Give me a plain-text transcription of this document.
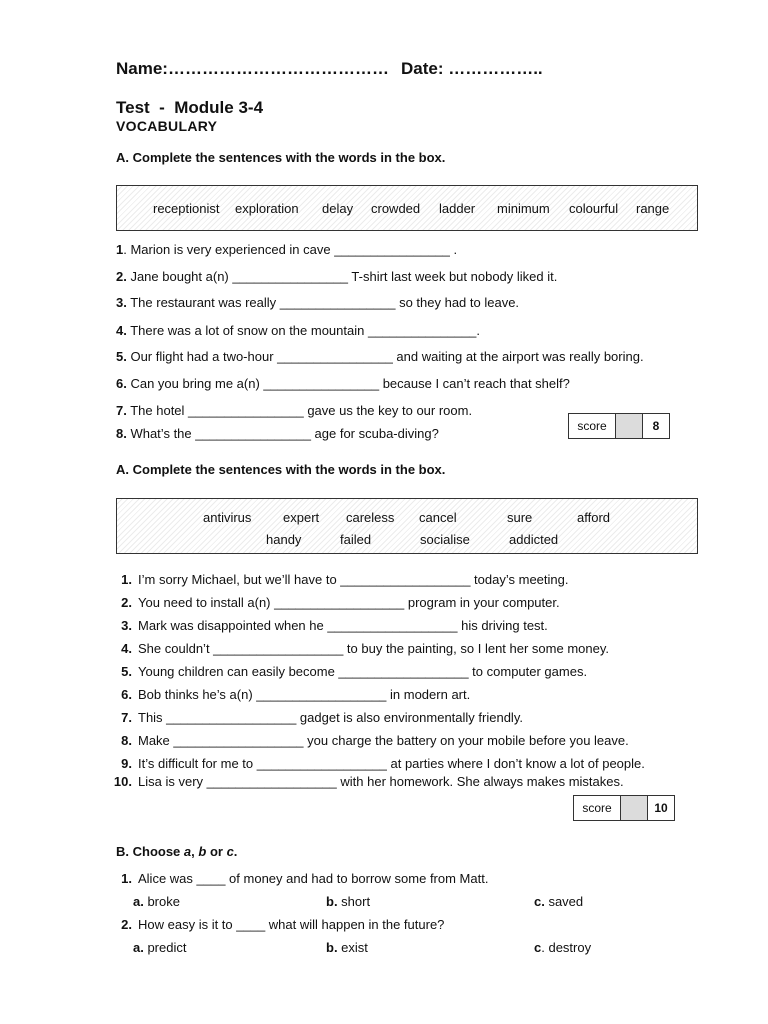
Name:………………………………… Date: ……………..
Test  -  Module 3-4
VOCABULARY
A. Complete the sentences with the words in the box.
receptionist exploration delay crowded ladder minimum colourful range
1. Marion is very experienced in cave ________________ .
2. Jane bought a(n) ________________ T-shirt last week but nobody liked it.
3. The restaurant was really ________________ so they had to leave.
4. There was a lot of snow on the mountain _______________.
5. Our flight had a two-hour ________________ and waiting at the airport was really boring.
6. Can you bring me a(n) ________________ because I can’t reach that shelf?
7. The hotel ________________ gave us the key to our room.
8. What’s the ________________ age for scuba-diving?	score	8
A. Complete the sentences with the words in the box.
antivirus expert careless cancel	sure	afford
handy	failed	socialise	addicted
1. I’m sorry Michael, but we’ll have to __________________ today’s meeting.
2. You need to install a(n) __________________ program in your computer.
3. Mark was disappointed when he __________________ his driving test.
4. She couldn’t __________________ to buy the painting, so I lent her some money.
5. Young children can easily become __________________ to computer games.
6. Bob thinks he’s a(n) __________________ in modern art.
7. This __________________ gadget is also environmentally friendly.
8. Make __________________ you charge the battery on your mobile before you leave.
9. It’s difficult for me to __________________ at parties where I don’t know a lot of people.
10. Lisa is very __________________ with her homework. She always makes mistakes.
score	10
B. Choose a, b or c.
1. Alice was ____ of money and had to borrow some from Matt.
a. broke	b. short	c. saved
2. How easy is it to ____ what will happen in the future?
a. predict	b. exist	c. destroy
